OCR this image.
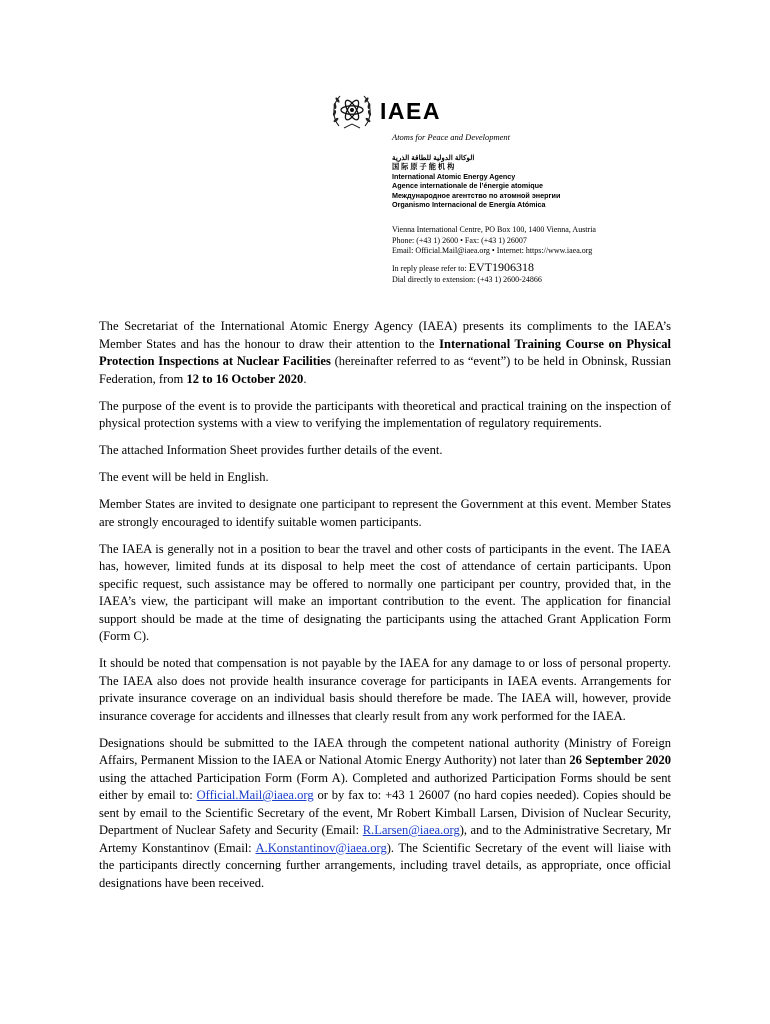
IAEA
Atoms for Peace and Development
الوكالة الدولية للطاقة الذرية
国 际 原 子 能 机 构
International Atomic Energy Agency
Agence internationale de l’énergie atomique
Международное агентство по атомной энергии
Organismo Internacional de Energía Atómica
Vienna International Centre, PO Box 100, 1400 Vienna, Austria
Phone: (+43 1) 2600 • Fax: (+43 1) 26007
Email: Official.Mail@iaea.org • Internet: https://www.iaea.org
In reply please refer to: EVT1906318
Dial directly to extension: (+43 1) 2600-24866

The Secretariat of the International Atomic Energy Agency (IAEA) presents its compliments to the IAEA’s Member States and has the honour to draw their attention to the International Training Course on Physical Protection Inspections at Nuclear Facilities (hereinafter referred to as “event”) to be held in Obninsk, Russian Federation, from 12 to 16 October 2020.

The purpose of the event is to provide the participants with theoretical and practical training on the inspection of physical protection systems with a view to verifying the implementation of regulatory requirements.

The attached Information Sheet provides further details of the event.

The event will be held in English.

Member States are invited to designate one participant to represent the Government at this event. Member States are strongly encouraged to identify suitable women participants.

The IAEA is generally not in a position to bear the travel and other costs of participants in the event. The IAEA has, however, limited funds at its disposal to help meet the cost of attendance of certain participants. Upon specific request, such assistance may be offered to normally one participant per country, provided that, in the IAEA’s view, the participant will make an important contribution to the event. The application for financial support should be made at the time of designating the participants using the attached Grant Application Form (Form C).

It should be noted that compensation is not payable by the IAEA for any damage to or loss of personal property. The IAEA also does not provide health insurance coverage for participants in IAEA events. Arrangements for private insurance coverage on an individual basis should therefore be made. The IAEA will, however, provide insurance coverage for accidents and illnesses that clearly result from any work performed for the IAEA.

Designations should be submitted to the IAEA through the competent national authority (Ministry of Foreign Affairs, Permanent Mission to the IAEA or National Atomic Energy Authority) not later than 26 September 2020 using the attached Participation Form (Form A). Completed and authorized Participation Forms should be sent either by email to: Official.Mail@iaea.org or by fax to: +43 1 26007 (no hard copies needed). Copies should be sent by email to the Scientific Secretary of the event, Mr Robert Kimball Larsen, Division of Nuclear Security, Department of Nuclear Safety and Security (Email: R.Larsen@iaea.org), and to the Administrative Secretary, Mr Artemy Konstantinov (Email: A.Konstantinov@iaea.org). The Scientific Secretary of the event will liaise with the participants directly concerning further arrangements, including travel details, as appropriate, once official designations have been received.
